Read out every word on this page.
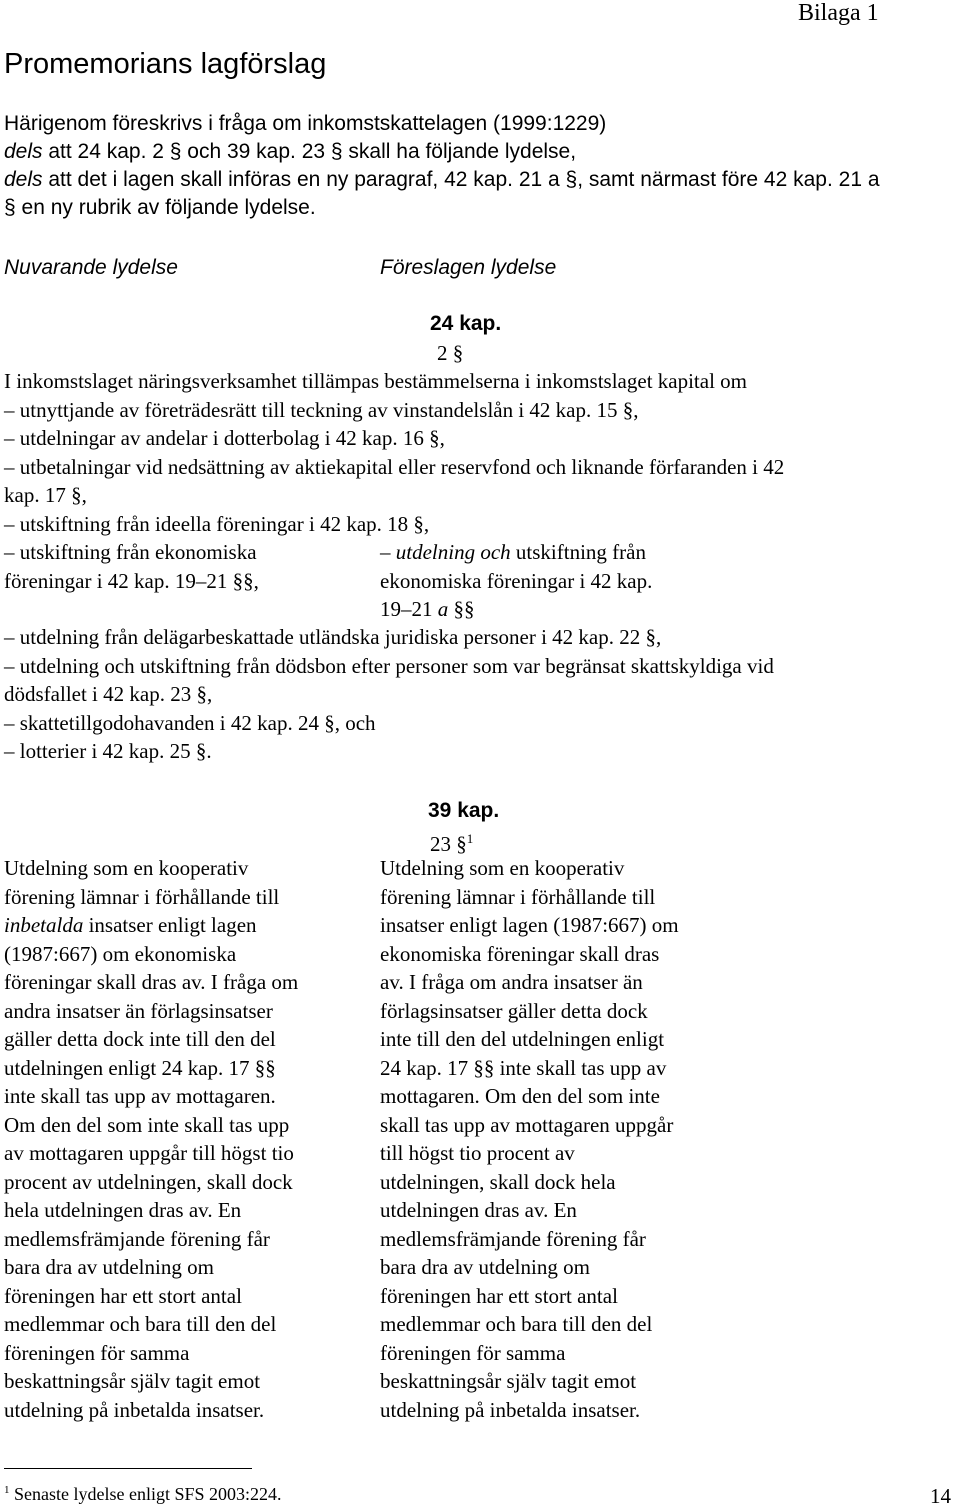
Bilaga 1
Promemorians lagförslag
Härigenom föreskrivs i fråga om inkomstskattelagen (1999:1229)
dels att 24 kap. 2 § och 39 kap. 23 § skall ha följande lydelse,
dels att det i lagen skall införas en ny paragraf, 42 kap. 21 a §, samt närmast före 42 kap. 21 a
§ en ny rubrik av följande lydelse.
Nuvarande lydelse	Föreslagen lydelse
24 kap.
2 §
I inkomstslaget näringsverksamhet tillämpas bestämmelserna i inkomstslaget kapital om
– utnyttjande av företrädesrätt till teckning av vinstandelslån i 42 kap. 15 §,
– utdelningar av andelar i dotterbolag i 42 kap. 16 §,
– utbetalningar vid nedsättning av aktiekapital eller reservfond och liknande förfaranden i 42
kap. 17 §,
– utskiftning från ideella föreningar i 42 kap. 18 §,
– utskiftning från ekonomiska
föreningar i 42 kap. 19–21 §§,
– utdelning och utskiftning från
ekonomiska föreningar i 42 kap.
19–21 a §§
– utdelning från delägarbeskattade utländska juridiska personer i 42 kap. 22 §,
– utdelning och utskiftning från dödsbon efter personer som var begränsat skattskyldiga vid
dödsfallet i 42 kap. 23 §,
– skattetillgodohavanden i 42 kap. 24 §, och
– lotterier i 42 kap. 25 §.
39 kap.
23 §$^1$
Utdelning som en kooperativ
förening lämnar i förhållande till
inbetalda insatser enligt lagen
(1987:667) om ekonomiska
föreningar skall dras av. I fråga om
andra insatser än förlagsinsatser
gäller detta dock inte till den del
utdelningen enligt 24 kap. 17 §§
inte skall tas upp av mottagaren.
Om den del som inte skall tas upp
av mottagaren uppgår till högst tio
procent av utdelningen, skall dock
hela utdelningen dras av. En
medlemsfrämjande förening får
bara dra av utdelning om
föreningen har ett stort antal
medlemmar och bara till den del
föreningen för samma
beskattningsår själv tagit emot
utdelning på inbetalda insatser.
Utdelning som en kooperativ
förening lämnar i förhållande till
insatser enligt lagen (1987:667) om
ekonomiska föreningar skall dras
av. I fråga om andra insatser än
förlagsinsatser gäller detta dock
inte till den del utdelningen enligt
24 kap. 17 §§ inte skall tas upp av
mottagaren. Om den del som inte
skall tas upp av mottagaren uppgår
till högst tio procent av
utdelningen, skall dock hela
utdelningen dras av. En
medlemsfrämjande förening får
bara dra av utdelning om
föreningen har ett stort antal
medlemmar och bara till den del
föreningen för samma
beskattningsår själv tagit emot
utdelning på inbetalda insatser.
$^1$ Senaste lydelse enligt SFS 2003:224.	14
